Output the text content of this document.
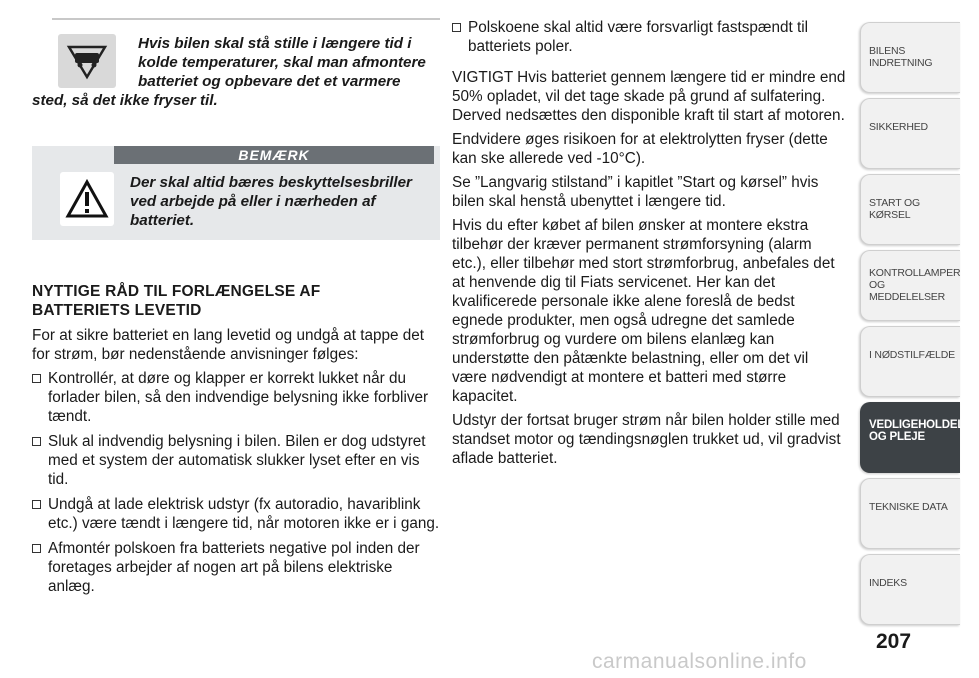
Hvis bilen skal stå stille i længere tid i kolde temperaturer, skal man afmontere batteriet og opbevare det et varmere sted, så det ikke fryser til.
BEMÆRK
Der skal altid bæres beskyttelsesbriller ved arbejde på eller i nærheden af batteriet.
NYTTIGE RÅD TIL FORLÆNGELSE AF
BATTERIETS LEVETID

For at sikre batteriet en lang levetid og undgå at tappe det for strøm, bør nedenstående anvisninger følges:

Kontrollér, at døre og klapper er korrekt lukket når du forlader bilen, så den indvendige belysning ikke forbliver tændt.
Sluk al indvendig belysning i bilen. Bilen er dog udstyret med et system der automatisk slukker lyset efter en vis tid.
Undgå at lade elektrisk udstyr (fx autoradio, havariblink etc.) være tændt i længere tid, når motoren ikke er i gang.
Afmontér polskoen fra batteriets negative pol inden der foretages arbejder af nogen art på bilens elektriske anlæg.
Polskoene skal altid være forsvarligt fastspændt til batteriets poler.

VIGTIGT Hvis batteriet gennem længere tid er mindre end 50% opladet, vil det tage skade på grund af sulfatering. Derved nedsættes den disponible kraft til start af motoren.

Endvidere øges risikoen for at elektrolytten fryser (dette kan ske allerede ved -10°C).

Se ”Langvarig stilstand” i kapitlet ”Start og kørsel” hvis bilen skal henstå ubenyttet i længere tid.

Hvis du efter købet af bilen ønsker at montere ekstra tilbehør der kræver permanent strømforsyning (alarm etc.), eller tilbehør med stort strømforbrug, anbefales det at henvende dig til Fiats servicenet. Her kan det kvalificerede personale ikke alene foreslå de bedst egnede produkter, men også udregne det samlede strømforbrug og vurdere om bilens elanlæg kan understøtte den påtænkte belastning, eller om det vil være nødvendigt at montere et batteri med større kapacitet.

Udstyr der fortsat bruger strøm når bilen holder stille med standset motor og tændingsnøglen trukket ud, vil gradvist aflade batteriet.

BILENS INDRETNING
SIKKERHED
START OG KØRSEL
KONTROLLAMPER
OG MEDDELELSER
I NØDSTILFÆLDE
VEDLIGEHOLDELSE
OG PLEJE
TEKNISKE DATA
INDEKS
207
carmanualsonline.info
